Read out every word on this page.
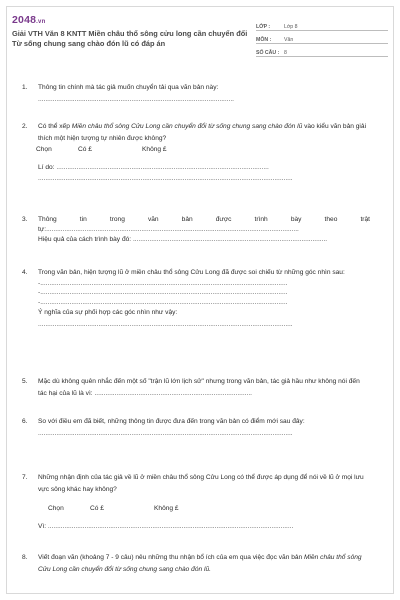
2048.vn
Giải VTH Văn 8 KNTT Miền châu thổ sông cửu long cần chuyển đổi Từ sống chung sang chào đón lũ có đáp án
LỚP :	Lớp 8
MÔN :	Văn
SỐ CÂU : 8
1. Thông tin chính mà tác giả muốn chuyển tải qua văn bản này: ...........................................................................................................
2. Có thể xếp Miền châu thổ sông Cửu Long cần chuyển đổi từ sống chung sang chào đón lũ vào kiểu văn bản giải thích một hiện tượng tự nhiên được không?
Chọn	Có £	Không £
Lí do: ....................................................................................................................
...........................................................................................................................................
3. Thông	tin	trong	văn	bản	được	trình	bày	theo	trật
tự:..........................................................................................................................................
Hiệu quả của cách trình bày đó: ..........................................................................................................
4. Trong văn bản, hiện tượng lũ ở miền châu thổ sông Cửu Long đã được soi chiếu từ những góc nhìn sau:
-.......................................................................................................................................
-.......................................................................................................................................
-.......................................................................................................................................
Ý nghĩa của sự phối hợp các góc nhìn như vậy:
...........................................................................................................................................
5. Mặc dù không quên nhắc đến một số "trận lũ lớn lịch sử" nhưng trong văn bản, tác giả hầu như không nói đến tác hại của lũ là vì: ......................................................................................
6. So với điều em đã biết, những thông tin được đưa đến trong văn bản có điểm mới sau đây:
...........................................................................................................................................
7. Những nhận định của tác giả về lũ ở miền châu thổ sông Cửu Long có thể được áp dụng để nói về lũ ở mọi lưu vực sông khác hay không?
Chọn	Có £	Không £
Vì: ......................................................................................................................................
8. Viết đoạn văn (khoảng 7 - 9 câu) nêu những thu nhận bổ ích của em qua việc đọc văn bản Miền châu thổ sông Cửu Long cần chuyển đổi từ sống chung sang chào đón lũ.
